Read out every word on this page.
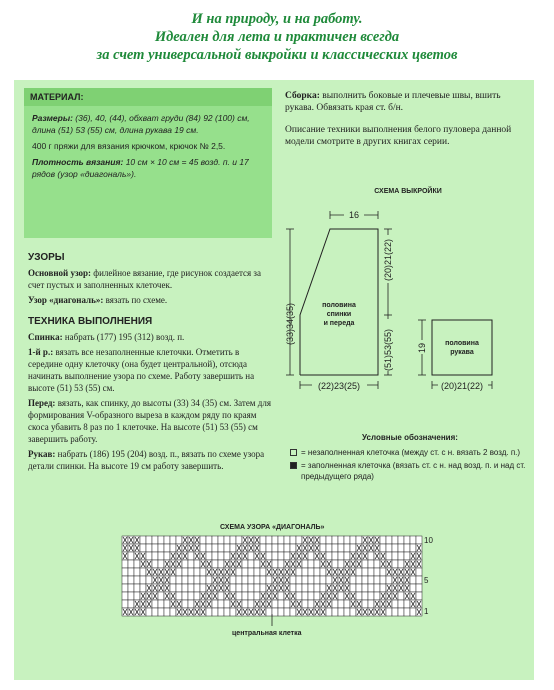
И на природу, и на работу.
Идеален для лета и практичен всегда
за счет универсальной выкройки и классических цветов
МАТЕРИАЛ:

Размеры: (36), 40, (44), обхват груди (84) 92 (100) см, длина (51) 53 (55) см, длина рукава 19 см.

400 г пряжи для вязания крючком, крючок № 2,5.

Плотность вязания: 10 см × 10 см = 45 возд. п. и 17 рядов (узор «диагональ»).

Сборка: выполнить боковые и плечевые швы, вшить рукава. Обвязать края ст. б/н.

Описание техники выполнения белого пуловера данной модели смотрите в других книгах серии.

УЗОРЫ

Основной узор: филейное вязание, где рисунок создается за счет пустых и заполненных клеточек.

Узор «диагональ»: вязать по схеме.

ТЕХНИКА ВЫПОЛНЕНИЯ

Спинка: набрать (177) 195 (312) возд. п.

1-й р.: вязать все незаполненные клеточки. Отметить в середине одну клеточку (она будет центральной), отсюда начинать выполнение узора по схеме. Работу завершить на высоте (51) 53 (55) см.

Перед: вязать, как спинку, до высоты (33) 34 (35) см. Затем для формирования V-образного выреза в каждом ряду по краям скоса убавить 8 раз по 1 клеточке. На высоте (51) 53 (55) см завершить работу.

Рукав: набрать (186) 195 (204) возд. п., вязать по схеме узора детали спинки. На высоте 19 см работу завершить.

СХЕМА ВЫКРОЙКИ
16
(33)34(35)
(20)21(22)
(51)53(55)
половина
спинки
и переда
(22)23(25)
19	половина
рукава
(20)21(22)
Условные обозначения:
= незаполненная клеточка (между ст. с н. вязать 2 возд. п.)
= заполненная клеточка (вязать ст. с н. над возд. п. и над ст. предыдущего ряда)
СХЕМА УЗОРА «ДИАГОНАЛЬ»
10
5
1
центральная клетка
